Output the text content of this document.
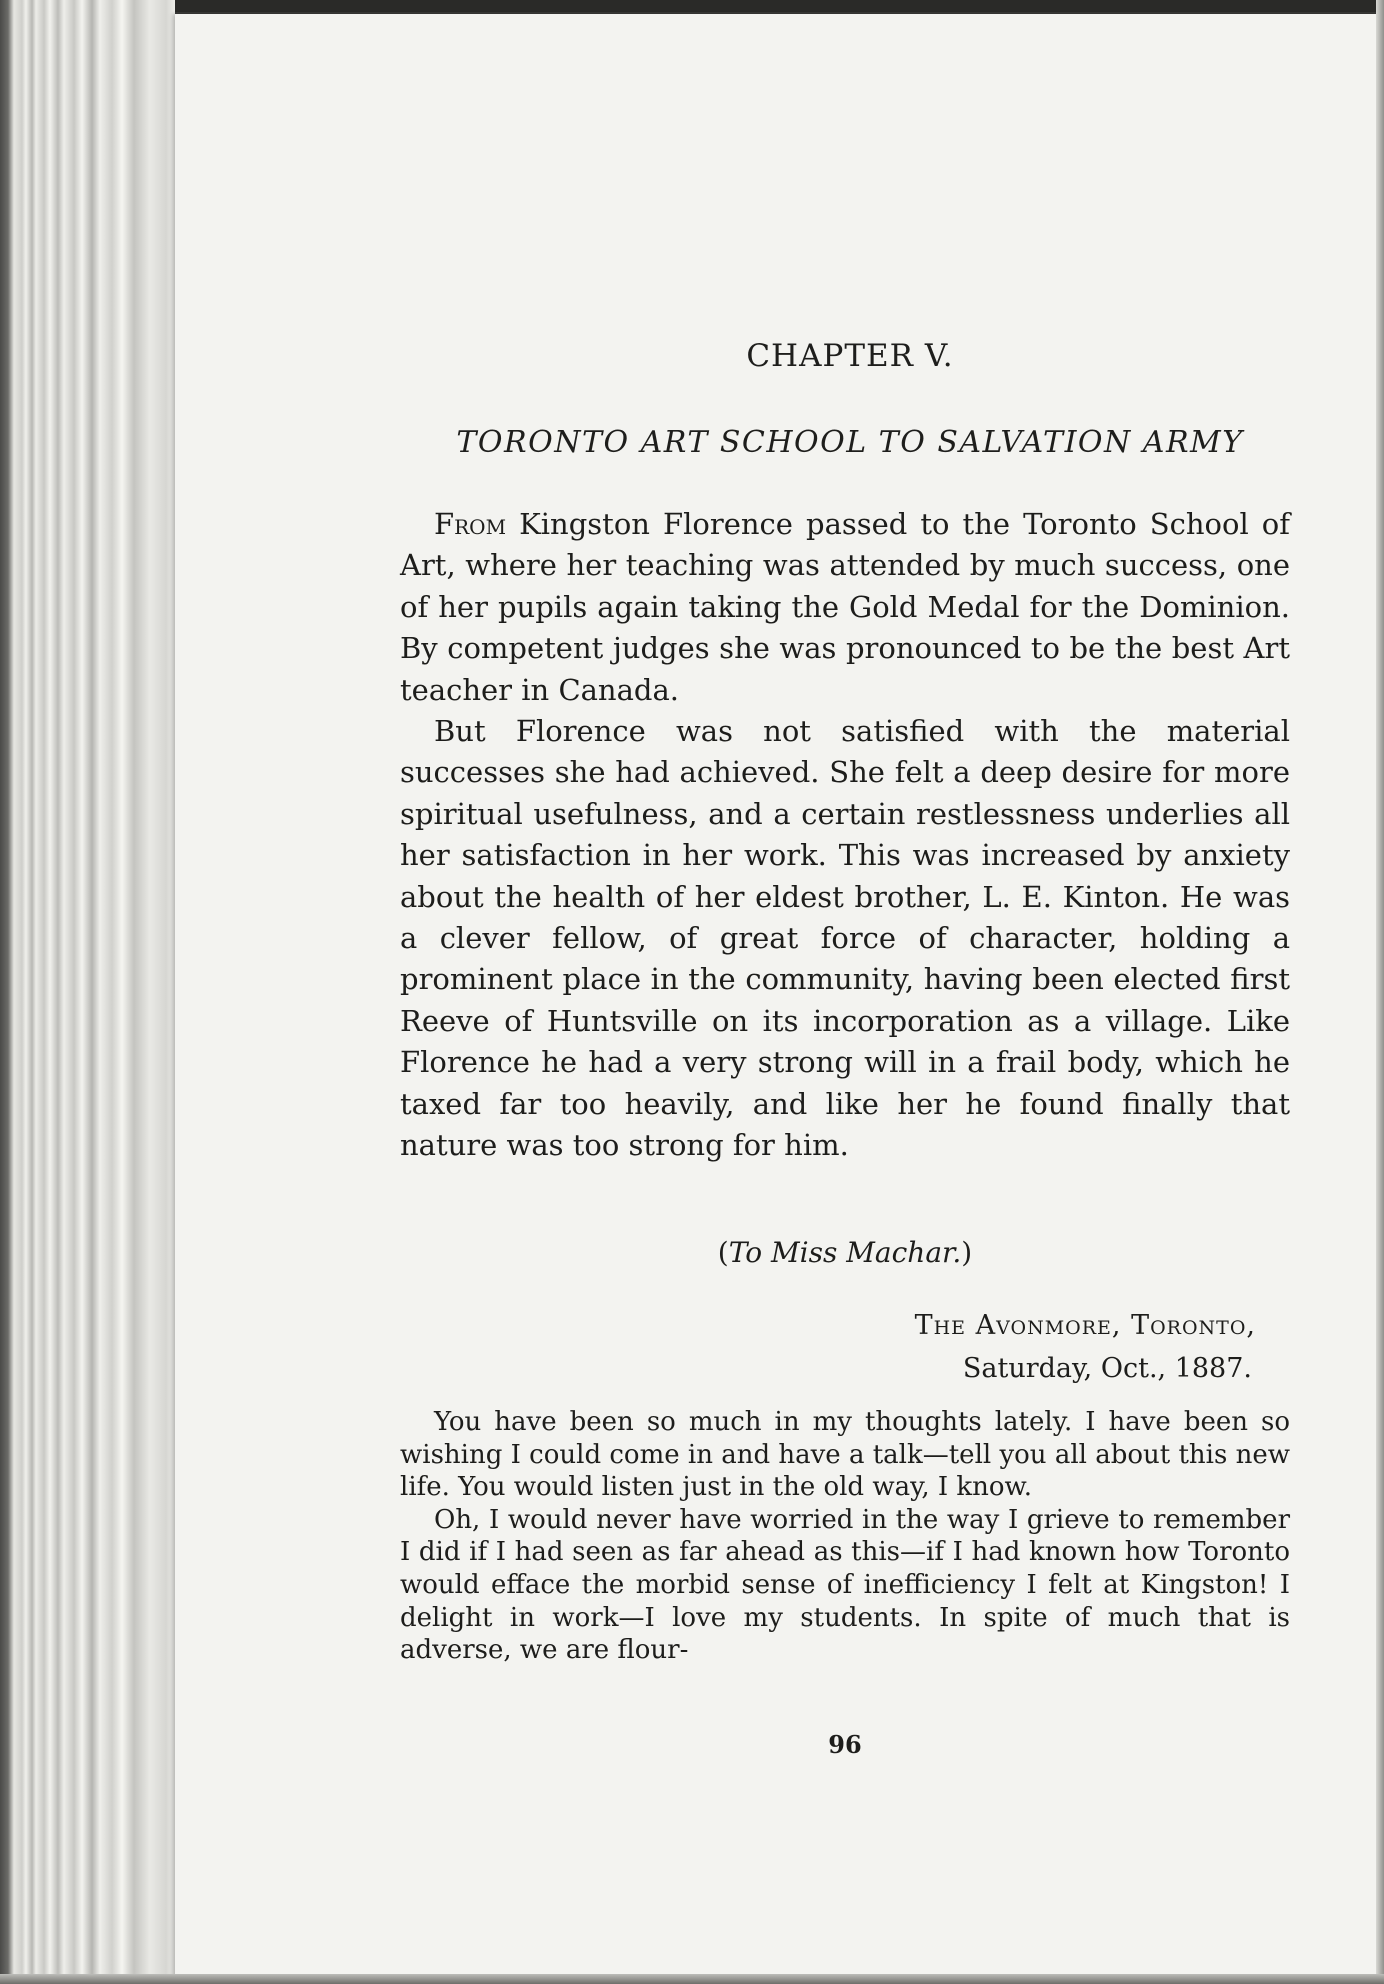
CHAPTER V.
TORONTO ART SCHOOL TO SALVATION ARMY

From Kingston Florence passed to the Toronto School of Art, where her teaching was attended by much success, one of her pupils again taking the Gold Medal for the Dominion. By competent judges she was pronounced to be the best Art teacher in Canada.

But Florence was not satisfied with the material successes she had achieved. She felt a deep desire for more spiritual usefulness, and a certain restlessness underlies all her satisfaction in her work. This was increased by anxiety about the health of her eldest brother, L. E. Kinton. He was a clever fellow, of great force of character, holding a prominent place in the community, having been elected first Reeve of Huntsville on its incorporation as a village. Like Florence he had a very strong will in a frail body, which he taxed far too heavily, and like her he found finally that nature was too strong for him.

(To Miss Machar.)
The Avonmore, Toronto,
Saturday, Oct., 1887.

You have been so much in my thoughts lately. I have been so wishing I could come in and have a talk—tell you all about this new life. You would listen just in the old way, I know.

Oh, I would never have worried in the way I grieve to remember I did if I had seen as far ahead as this—if I had known how Toronto would efface the morbid sense of inefficiency I felt at Kingston! I delight in work—I love my students. In spite of much that is adverse, we are flour-

96
